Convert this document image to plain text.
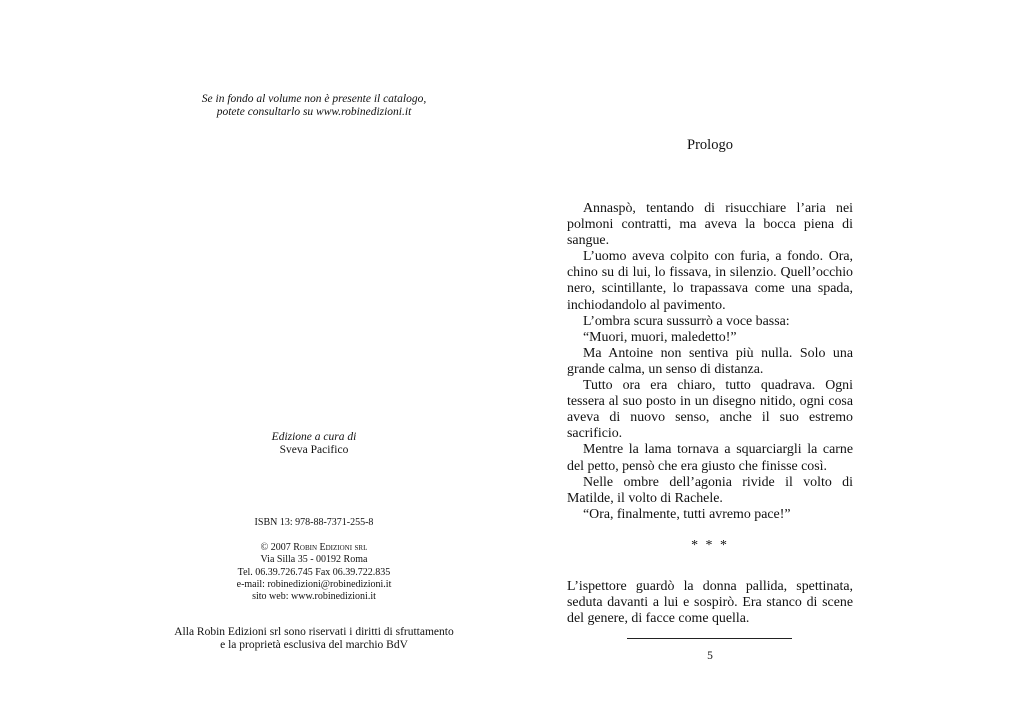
Se in fondo al volume non è presente il catalogo,
potete consultarlo su www.robinedizioni.it
Edizione a cura di
Sveva Pacifico
ISBN 13: 978-88-7371-255-8
© 2007 Robin Edizioni srl
Via Silla 35 - 00192 Roma
Tel. 06.39.726.745 Fax 06.39.722.835
e-mail: robinedizioni@robinedizioni.it
sito web: www.robinedizioni.it
Alla Robin Edizioni srl sono riservati i diritti di sfruttamento
e la proprietà esclusiva del marchio BdV
Prologo

Annaspò, tentando di risucchiare l’aria nei polmoni contratti, ma aveva la bocca piena di sangue.

L’uomo aveva colpito con furia, a fondo. Ora, chino su di lui, lo fissava, in silenzio. Quell’occhio nero, scintillante, lo trapassava come una spada, inchiodandolo al pavimento.

L’ombra scura sussurrò a voce bassa:

“Muori, muori, maledetto!”

Ma Antoine non sentiva più nulla. Solo una grande calma, un senso di distanza.

Tutto ora era chiaro, tutto quadrava. Ogni tessera al suo posto in un disegno nitido, ogni cosa aveva di nuovo senso, anche il suo estremo sacrificio.

Mentre la lama tornava a squarciargli la carne del petto, pensò che era giusto che finisse così.

Nelle ombre dell’agonia rivide il volto di Matilde, il volto di Rachele.

“Ora, finalmente, tutti avremo pace!”

* * *

L’ispettore guardò la donna pallida, spettinata, seduta davanti a lui e sospirò. Era stanco di scene del genere, di facce come quella.

5
